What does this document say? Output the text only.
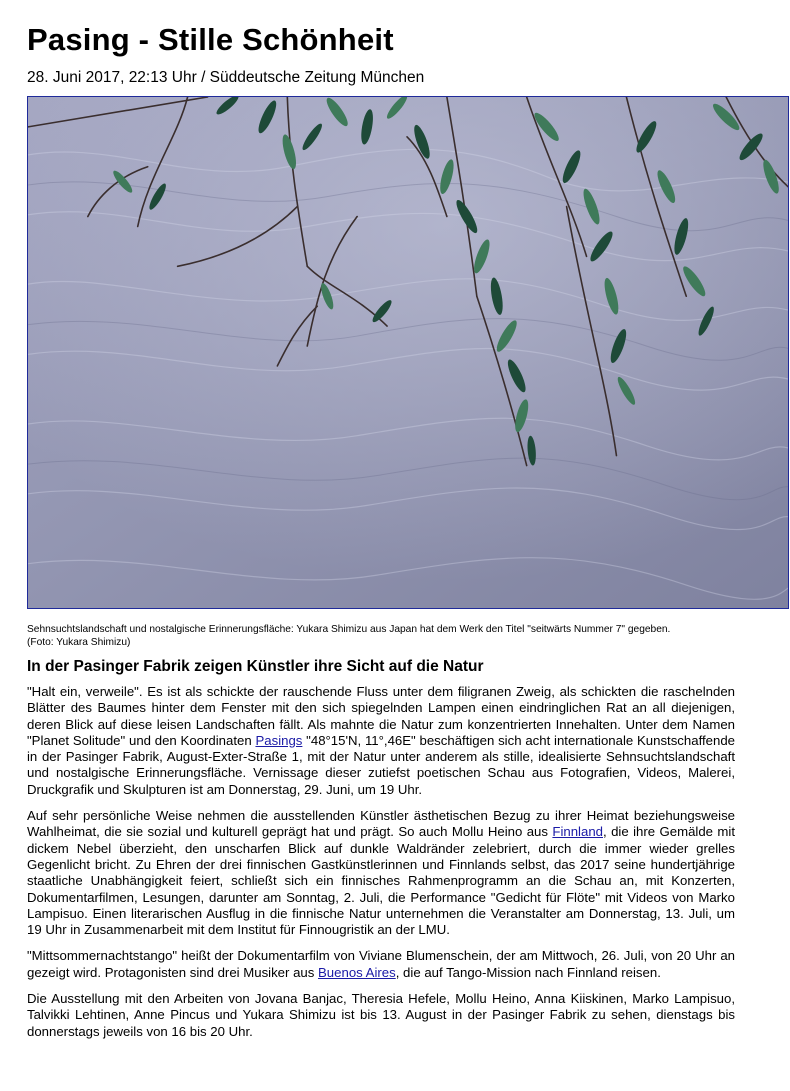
Pasing - Stille Schönheit
28. Juni 2017, 22:13 Uhr / Süddeutsche Zeitung München
Sehnsuchtslandschaft und nostalgische Erinnerungsfläche: Yukara Shimizu aus Japan hat dem Werk den Titel "seitwärts Nummer 7" gegeben.
(Foto: Yukara Shimizu)
In der Pasinger Fabrik zeigen Künstler ihre Sicht auf die Natur

"Halt ein, verweile". Es ist als schickte der rauschende Fluss unter dem filigranen Zweig, als schickten die raschelnden Blätter des Baumes hinter dem Fenster mit den sich spiegelnden Lampen einen eindringlichen Rat an all diejenigen, deren Blick auf diese leisen Landschaften fällt. Als mahnte die Natur zum konzentrierten Innehalten. Unter dem Namen "Planet Solitude" und den Koordinaten Pasings "48°15'N, 11°,46E" beschäftigen sich acht internationale Kunstschaffende in der Pasinger Fabrik, August-Exter-Straße 1, mit der Natur unter anderem als stille, idealisierte Sehnsuchtslandschaft und nostalgische Erinnerungsfläche. Vernissage dieser zutiefst poetischen Schau aus Fotografien, Videos, Malerei, Druckgrafik und Skulpturen ist am Donnerstag, 29. Juni, um 19 Uhr.

Auf sehr persönliche Weise nehmen die ausstellenden Künstler ästhetischen Bezug zu ihrer Heimat beziehungsweise Wahlheimat, die sie sozial und kulturell geprägt hat und prägt. So auch Mollu Heino aus Finnland, die ihre Gemälde mit dickem Nebel überzieht, den unscharfen Blick auf dunkle Waldränder zelebriert, durch die immer wieder grelles Gegenlicht bricht. Zu Ehren der drei finnischen Gastkünstlerinnen und Finnlands selbst, das 2017 seine hundertjährige staatliche Unabhängigkeit feiert, schließt sich ein finnisches Rahmenprogramm an die Schau an, mit Konzerten, Dokumentarfilmen, Lesungen, darunter am Sonntag, 2. Juli, die Performance "Gedicht für Flöte" mit Videos von Marko Lampisuo. Einen literarischen Ausflug in die finnische Natur unternehmen die Veranstalter am Donnerstag, 13. Juli, um 19 Uhr in Zusammenarbeit mit dem Institut für Finnougristik an der LMU.

"Mittsommernachtstango" heißt der Dokumentarfilm von Viviane Blumenschein, der am Mittwoch, 26. Juli, von 20 Uhr an gezeigt wird. Protagonisten sind drei Musiker aus Buenos Aires, die auf Tango-Mission nach Finnland reisen.

Die Ausstellung mit den Arbeiten von Jovana Banjac, Theresia Hefele, Mollu Heino, Anna Kiiskinen, Marko Lampisuo, Talvikki Lehtinen, Anne Pincus und Yukara Shimizu ist bis 13. August in der Pasinger Fabrik zu sehen, dienstags bis donnerstags jeweils von 16 bis 20 Uhr.
